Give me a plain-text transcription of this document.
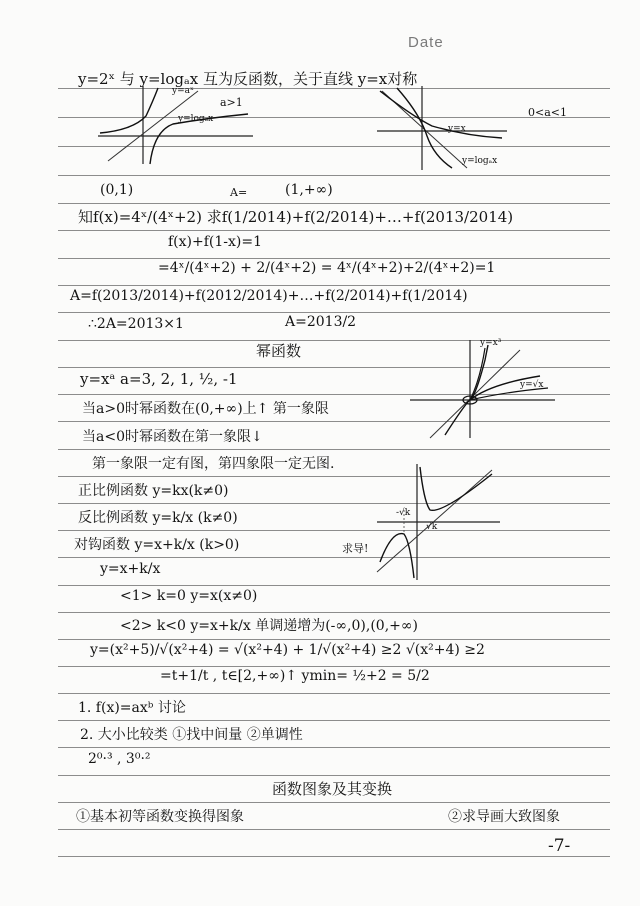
Date
y=2ˣ 与 y=logₐx 互为反函数，关于直线 y=x对称
y=aˣ
a>1
y=logₐx
y=x
0<a<1
y=logₐx
(0,1)	A=	(1,+∞)
知f(x)=4ˣ/(4ˣ+2) 求f(1/2014)+f(2/2014)+…+f(2013/2014)
f(x)+f(1-x)=1
=4ˣ/(4ˣ+2) + 2/(4ˣ+2) = 4ˣ/(4ˣ+2)+2/(4ˣ+2)=1
A=f(2013/2014)+f(2012/2014)+…+f(2/2014)+f(1/2014)
∴2A=2013×1	A=2013/2
幂函数	y=x³
y=√x
y=xᵃ a=3, 2, 1, ½, -1
当a>0时幂函数在(0,+∞)上↑ 第一象限
当a<0时幂函数在第一象限↓
第一象限一定有图，第四象限一定无图.
正比例函数 y=kx(k≠0)
反比例函数 y=k/x (k≠0)
对钩函数 y=x+k/x (k>0)	求导!
-√k
√k
y=x+k/x
<1> k=0 y=x(x≠0)
<2> k<0 y=x+k/x 单调递增为(-∞,0),(0,+∞)
y=(x²+5)/√(x²+4) = √(x²+4) + 1/√(x²+4) ≥2 √(x²+4) ≥2
=t+1/t , t∈[2,+∞)↑ ymin= ½+2 = 5/2
1. f(x)=axᵇ 讨论
2. 大小比较类 ①找中间量 ②单调性
2⁰·³ , 3⁰·²
函数图象及其变换
①基本初等函数变换得图象	②求导画大致图象
-7-
